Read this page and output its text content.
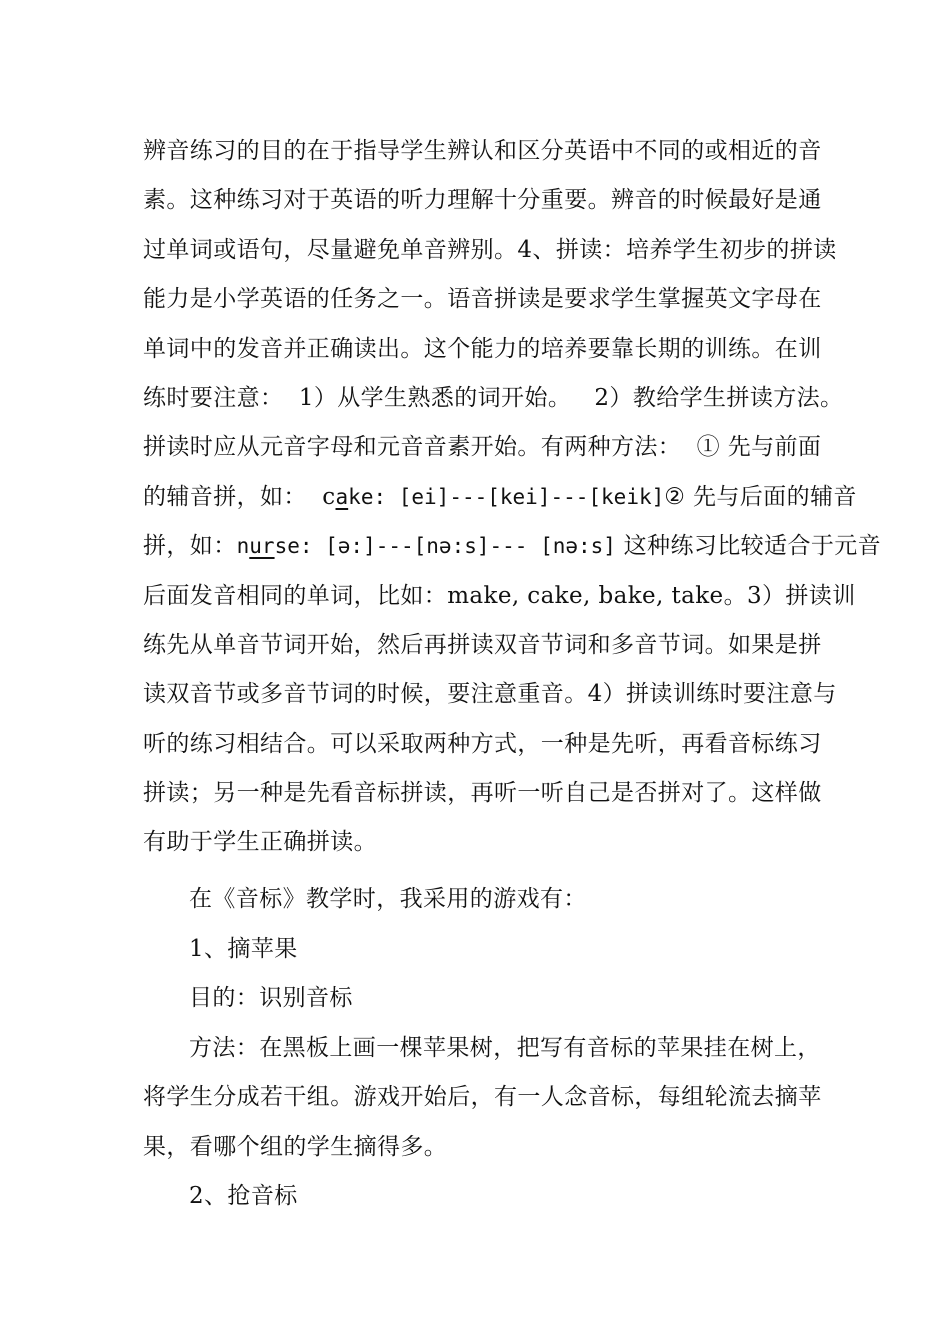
辨音练习的目的在于指导学生辨认和区分英语中不同的或相近的音
素。这种练习对于英语的听力理解十分重要。辨音的时候最好是通
过单词或语句，尽量避免单音辨别。4、拼读：培养学生初步的拼读
能力是小学英语的任务之一。语音拼读是要求学生掌握英文字母在
单词中的发音并正确读出。这个能力的培养要靠长期的训练。在训
练时要注意：  1）从学生熟悉的词开始。   2）教给学生拼读方法。
拼读时应从元音字母和元音音素开始。有两种方法：  ① 先与前面
的辅音拼，如：  cake: [ei]---[kei]---[keik]② 先与后面的辅音
拼，如：nurse: [ǝ:]---[nǝ:s]--- [nǝ:s] 这种练习比较适合于元音
后面发音相同的单词，比如：make, cake, bake, take。3）拼读训
练先从单音节词开始，然后再拼读双音节词和多音节词。如果是拼
读双音节或多音节词的时候，要注意重音。4）拼读训练时要注意与
听的练习相结合。可以采取两种方式，一种是先听，再看音标练习
拼读；另一种是先看音标拼读，再听一听自己是否拼对了。这样做
有助于学生正确拼读。
在《音标》教学时，我采用的游戏有：
1、摘苹果
目的：识别音标
方法：在黑板上画一棵苹果树，把写有音标的苹果挂在树上，
将学生分成若干组。游戏开始后，有一人念音标，每组轮流去摘苹
果，看哪个组的学生摘得多。
2、抢音标
